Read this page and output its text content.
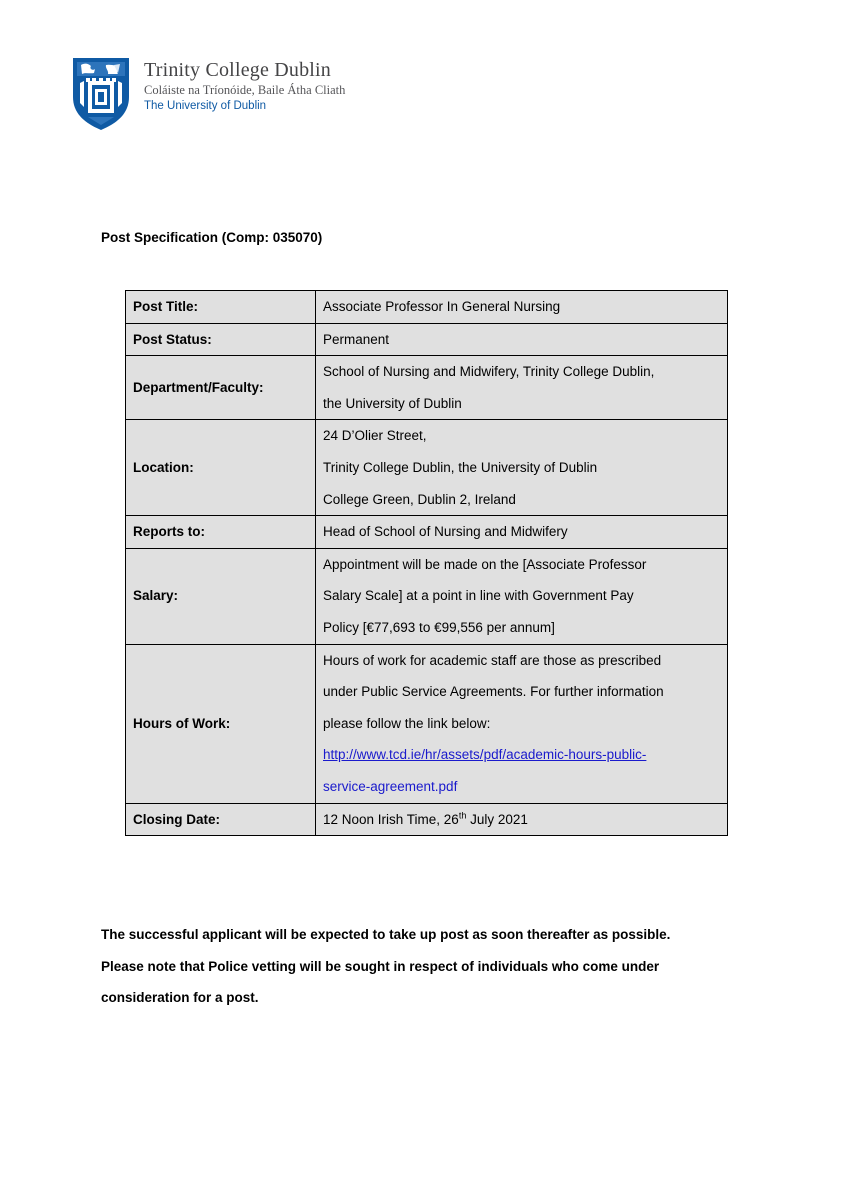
Trinity College Dublin
Coláiste na Tríonóide, Baile Átha Cliath
The University of Dublin
Post Specification (Comp: 035070)
Post Title:	Associate Professor In General Nursing
Post Status:	Permanent
Department/Faculty:	School of Nursing and Midwifery, Trinity College Dublin,
the University of Dublin

Location:	24 D’Olier Street,
Trinity College Dublin, the University of Dublin
College Green, Dublin 2, Ireland

Reports to:	Head of School of Nursing and Midwifery
Salary:	Appointment will be made on the [Associate Professor
Salary Scale] at a point in line with Government Pay
Policy [€77,693 to €99,556 per annum]

Hours of Work:	Hours of work for academic staff are those as prescribed
under Public Service Agreements. For further information
please follow the link below:
http://www.tcd.ie/hr/assets/pdf/academic-hours-public-
service-agreement.pdf
Closing Date:	12 Noon Irish Time, 26th July 2021
The successful applicant will be expected to take up post as soon thereafter as possible.
Please note that Police vetting will be sought in respect of individuals who come under
consideration for a post.
